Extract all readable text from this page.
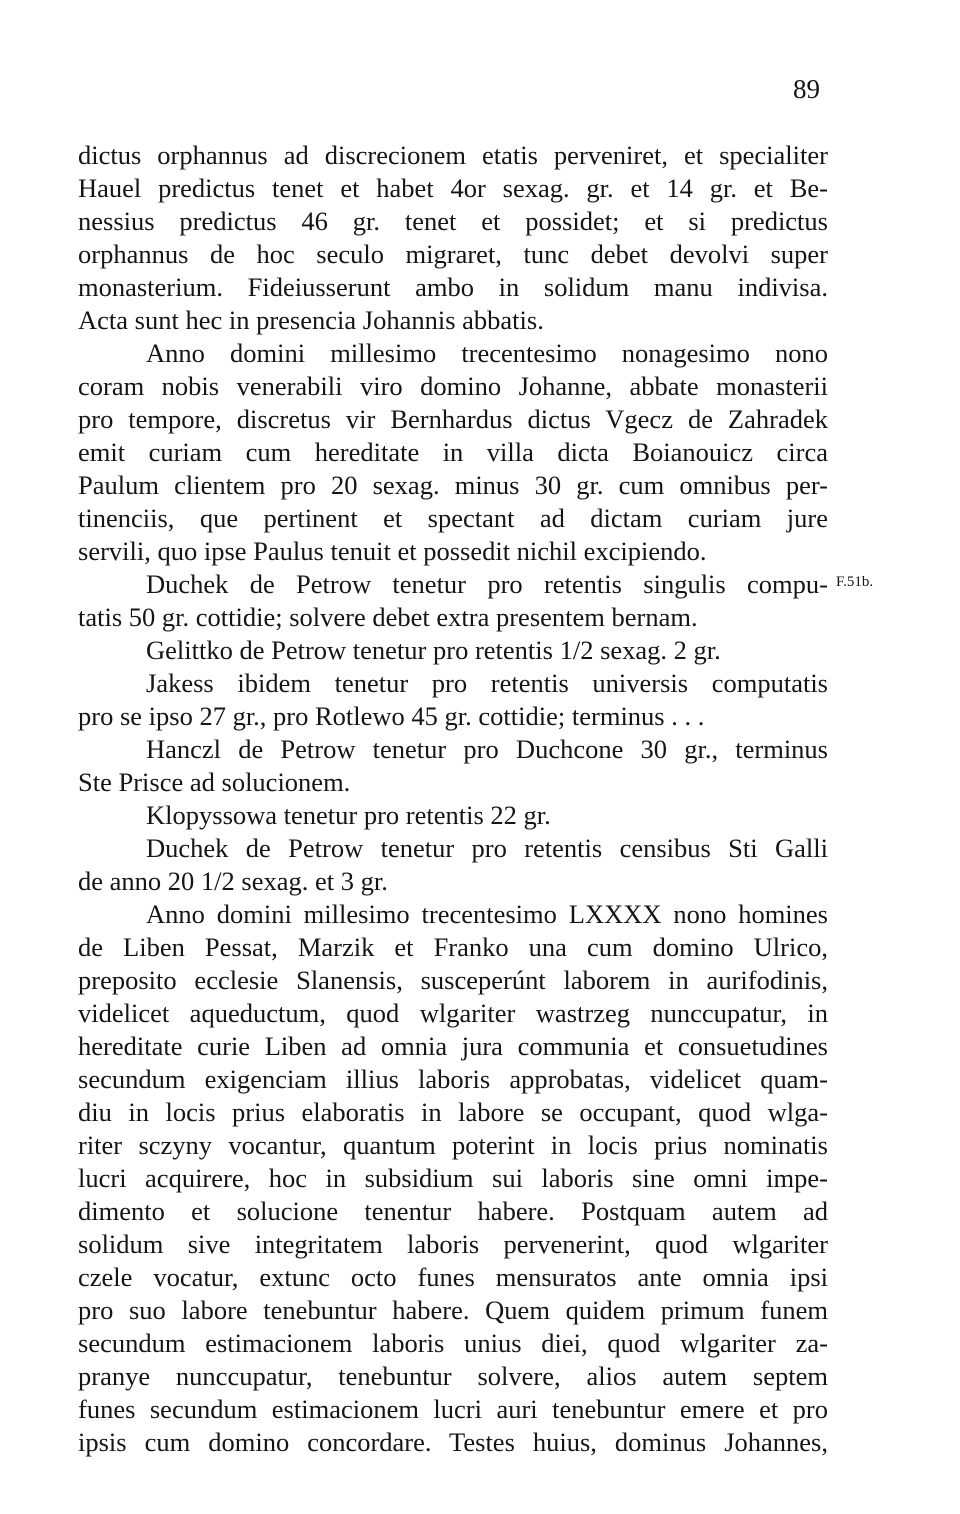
89
F.51b.
dictus orphannus ad discrecionem etatis perveniret, et specialiter
Hauel predictus tenet et habet 4or sexag. gr. et 14 gr. et Be-
nessius predictus 46 gr. tenet et possidet; et si predictus
orphannus de hoc seculo migraret, tunc debet devolvi super
monasterium. Fideiusserunt ambo in solidum manu indivisa.
Acta sunt hec in presencia Johannis abbatis.
Anno domini millesimo trecentesimo nonagesimo nono
coram nobis venerabili viro domino Johanne, abbate monasterii
pro tempore, discretus vir Bernhardus dictus Vgecz de Zahradek
emit curiam cum hereditate in villa dicta Boianouicz circa
Paulum clientem pro 20 sexag. minus 30 gr. cum omnibus per-
tinenciis, que pertinent et spectant ad dictam curiam jure
servili, quo ipse Paulus tenuit et possedit nichil excipiendo.
Duchek de Petrow tenetur pro retentis singulis compu-
tatis 50 gr. cottidie; solvere debet extra presentem bernam.
Gelittko de Petrow tenetur pro retentis 1/2 sexag. 2 gr.
Jakess ibidem tenetur pro retentis universis computatis
pro se ipso 27 gr., pro Rotlewo 45 gr. cottidie; terminus . . .
Hanczl de Petrow tenetur pro Duchcone 30 gr., terminus
Ste Prisce ad solucionem.
Klopyssowa tenetur pro retentis 22 gr.
Duchek de Petrow tenetur pro retentis censibus Sti Galli
de anno 20 1/2 sexag. et 3 gr.
Anno domini millesimo trecentesimo LXXXX nono homines
de Liben Pessat, Marzik et Franko una cum domino Ulrico,
preposito ecclesie Slanensis, susceperúnt laborem in aurifodinis,
videlicet aqueductum, quod wlgariter wastrzeg nunccupatur, in
hereditate curie Liben ad omnia jura communia et consuetudines
secundum exigenciam illius laboris approbatas, videlicet quam-
diu in locis prius elaboratis in labore se occupant, quod wlga-
riter sczyny vocantur, quantum poterint in locis prius nominatis
lucri acquirere, hoc in subsidium sui laboris sine omni impe-
dimento et solucione tenentur habere. Postquam autem ad
solidum sive integritatem laboris pervenerint, quod wlgariter
czele vocatur, extunc octo funes mensuratos ante omnia ipsi
pro suo labore tenebuntur habere. Quem quidem primum funem
secundum estimacionem laboris unius diei, quod wlgariter za-
pranye nunccupatur, tenebuntur solvere, alios autem septem
funes secundum estimacionem lucri auri tenebuntur emere et pro
ipsis cum domino concordare. Testes huius, dominus Johannes,
